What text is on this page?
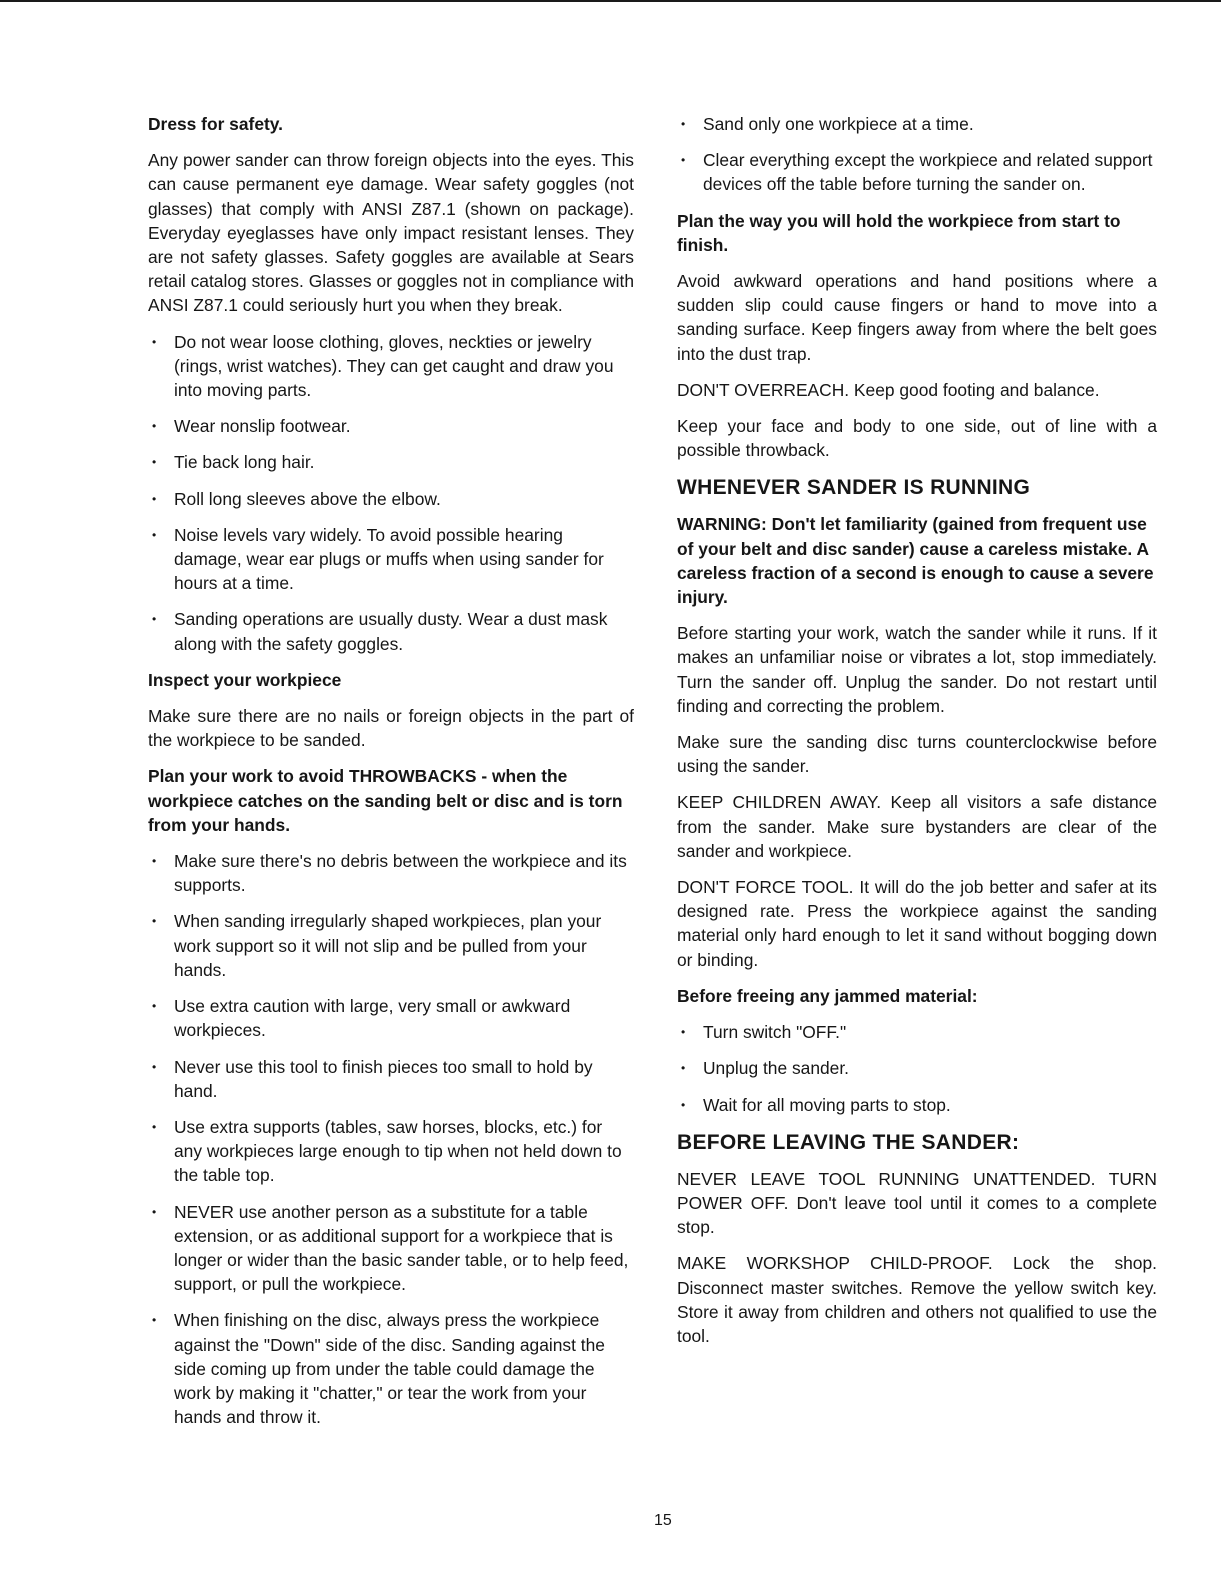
Dress for safety.

Any power sander can throw foreign objects into the eyes. This can cause permanent eye damage. Wear safety goggles (not glasses) that comply with ANSI Z87.1 (shown on package). Everyday eyeglasses have only impact resistant lenses. They are not safety glasses. Safety goggles are available at Sears retail catalog stores. Glasses or goggles not in compliance with ANSI Z87.1 could seriously hurt you when they break.

• Do not wear loose clothing, gloves, neckties or jewelry (rings, wrist watches). They can get caught and draw you into moving parts.
• Wear nonslip footwear.
• Tie back long hair.
• Roll long sleeves above the elbow.
• Noise levels vary widely. To avoid possible hearing damage, wear ear plugs or muffs when using sander for hours at a time.
• Sanding operations are usually dusty. Wear a dust mask along with the safety goggles.
Inspect your workpiece

Make sure there are no nails or foreign objects in the part of the workpiece to be sanded.

Plan your work to avoid THROWBACKS - when the workpiece catches on the sanding belt or disc and is torn from your hands.
• Make sure there's no debris between the workpiece and its supports.
• When sanding irregularly shaped workpieces, plan your work support so it will not slip and be pulled from your hands.
• Use extra caution with large, very small or awkward workpieces.
• Never use this tool to finish pieces too small to hold by hand.
• Use extra supports (tables, saw horses, blocks, etc.) for any workpieces large enough to tip when not held down to the table top.
• NEVER use another person as a substitute for a table extension, or as additional support for a workpiece that is longer or wider than the basic sander table, or to help feed, support, or pull the workpiece.
• When finishing on the disc, always press the workpiece against the "Down" side of the disc. Sanding against the side coming up from under the table could damage the work by making it "chatter," or tear the work from your hands and throw it.
• Sand only one workpiece at a time.
• Clear everything except the workpiece and related support devices off the table before turning the sander on.
Plan the way you will hold the workpiece from start to finish.

Avoid awkward operations and hand positions where a sudden slip could cause fingers or hand to move into a sanding surface. Keep fingers away from where the belt goes into the dust trap.

DON'T OVERREACH. Keep good footing and balance.

Keep your face and body to one side, out of line with a possible throwback.

WHENEVER SANDER IS RUNNING
WARNING: Don't let familiarity (gained from frequent use of your belt and disc sander) cause a careless mistake. A careless fraction of a second is enough to cause a severe injury.

Before starting your work, watch the sander while it runs. If it makes an unfamiliar noise or vibrates a lot, stop immediately. Turn the sander off. Unplug the sander. Do not restart until finding and correcting the problem.

Make sure the sanding disc turns counterclockwise before using the sander.

KEEP CHILDREN AWAY. Keep all visitors a safe distance from the sander. Make sure bystanders are clear of the sander and workpiece.

DON'T FORCE TOOL. It will do the job better and safer at its designed rate. Press the workpiece against the sanding material only hard enough to let it sand without bogging down or binding.

Before freeing any jammed material:
• Turn switch "OFF."
• Unplug the sander.
• Wait for all moving parts to stop.
BEFORE LEAVING THE SANDER:

NEVER LEAVE TOOL RUNNING UNATTENDED. TURN POWER OFF. Don't leave tool until it comes to a complete stop.

MAKE WORKSHOP CHILD-PROOF. Lock the shop. Disconnect master switches. Remove the yellow switch key. Store it away from children and others not qualified to use the tool.

15
